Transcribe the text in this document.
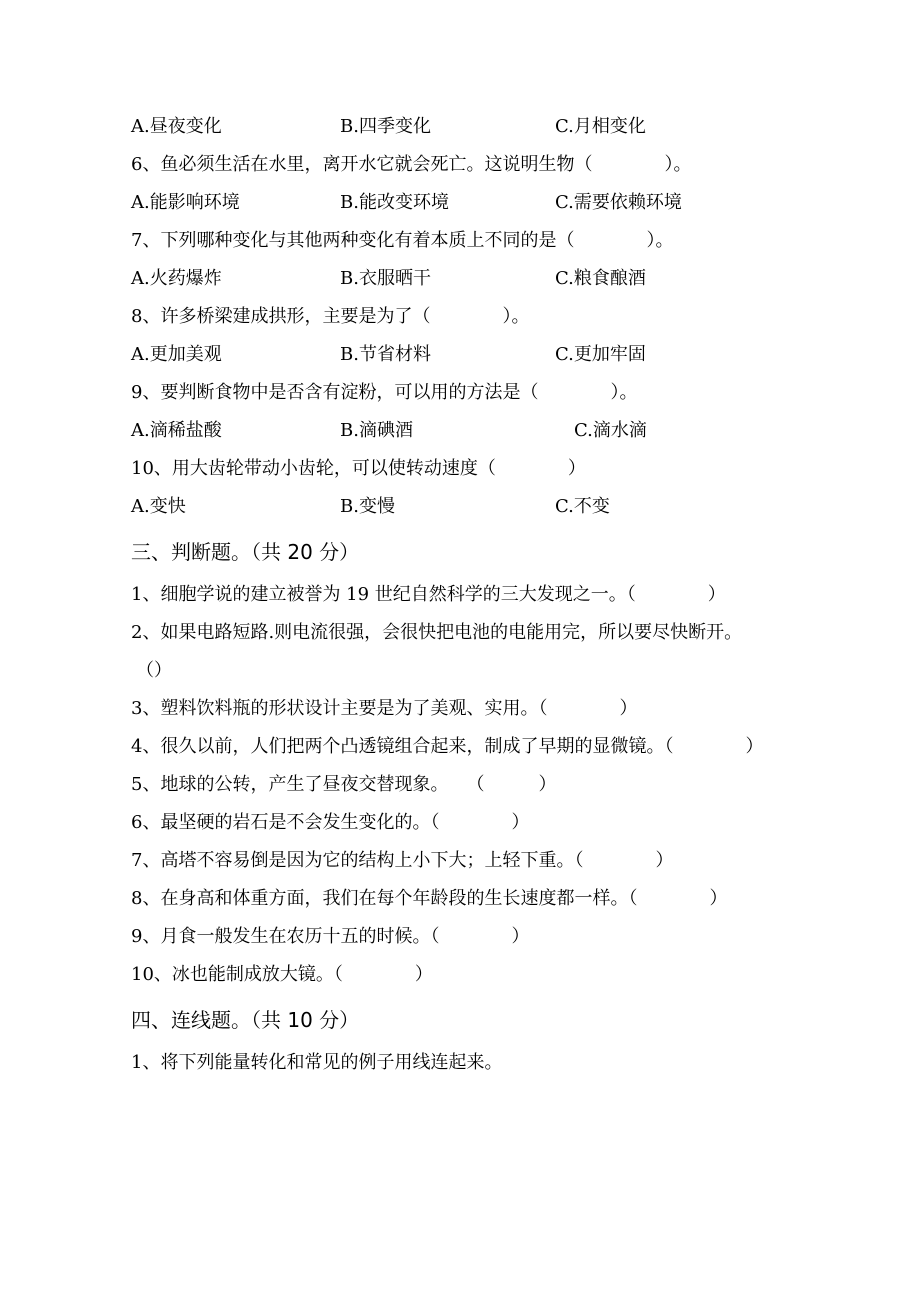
A.昼夜变化	B.四季变化	C.月相变化
6、鱼必须生活在水里，离开水它就会死亡。这说明生物（　　　　）。
A.能影响环境	B.能改变环境	C.需要依赖环境
7、下列哪种变化与其他两种变化有着本质上不同的是（　　　　）。
A.火药爆炸	B.衣服晒干	C.粮食酿酒
8、许多桥梁建成拱形，主要是为了（　　　　）。
A.更加美观	B.节省材料	C.更加牢固
9、要判断食物中是否含有淀粉，可以用的方法是（　　　　）。
A.滴稀盐酸	B.滴碘酒	C.滴水滴
10、用大齿轮带动小齿轮，可以使转动速度（　　　　）
A.变快	B.变慢	C.不变
三、判断题。（共 20 分）
1、细胞学说的建立被誉为 19 世纪自然科学的三大发现之一。（　　　　）
2、如果电路短路.则电流很强，会很快把电池的电能用完，所以要尽快断开。
（）
3、塑料饮料瓶的形状设计主要是为了美观、实用。（　　　　）
4、很久以前，人们把两个凸透镜组合起来，制成了早期的显微镜。（　　　　）
5、地球的公转，产生了昼夜交替现象。　　（　　　）
6、最坚硬的岩石是不会发生变化的。（　　　　）
7、高塔不容易倒是因为它的结构上小下大；上轻下重。（　　　　）
8、在身高和体重方面，我们在每个年龄段的生长速度都一样。（　　　　）
9、月食一般发生在农历十五的时候。（　　　　）
10、冰也能制成放大镜。（　　　　）
四、连线题。（共 10 分）
1、将下列能量转化和常见的例子用线连起来。
